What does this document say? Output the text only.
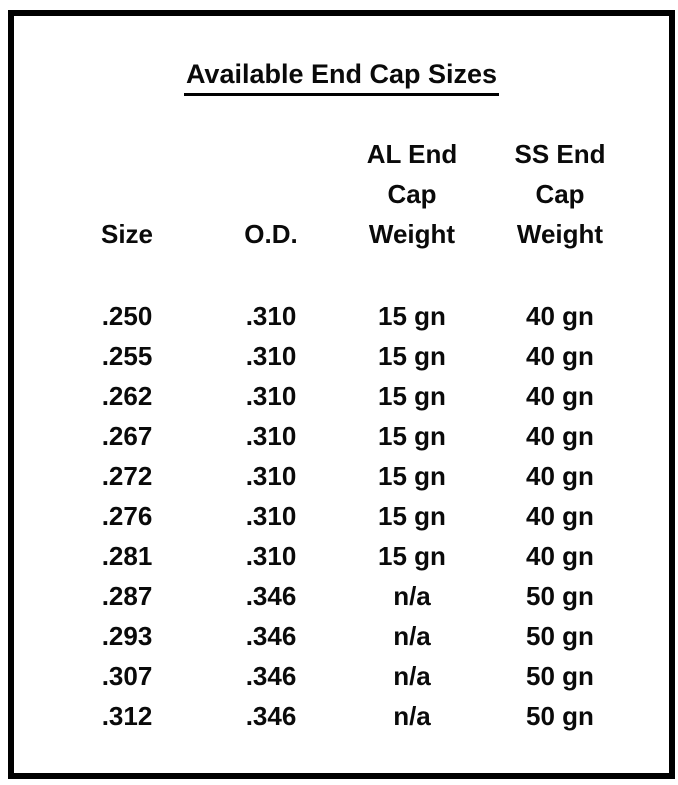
Available End Cap Sizes
		AL End	SS End
		Cap	Cap
Size	O.D.	Weight	Weight

.250	.310	15 gn	40 gn
.255	.310	15 gn	40 gn
.262	.310	15 gn	40 gn
.267	.310	15 gn	40 gn
.272	.310	15 gn	40 gn
.276	.310	15 gn	40 gn
.281	.310	15 gn	40 gn
.287	.346	n/a	50 gn
.293	.346	n/a	50 gn
.307	.346	n/a	50 gn
.312	.346	n/a	50 gn
